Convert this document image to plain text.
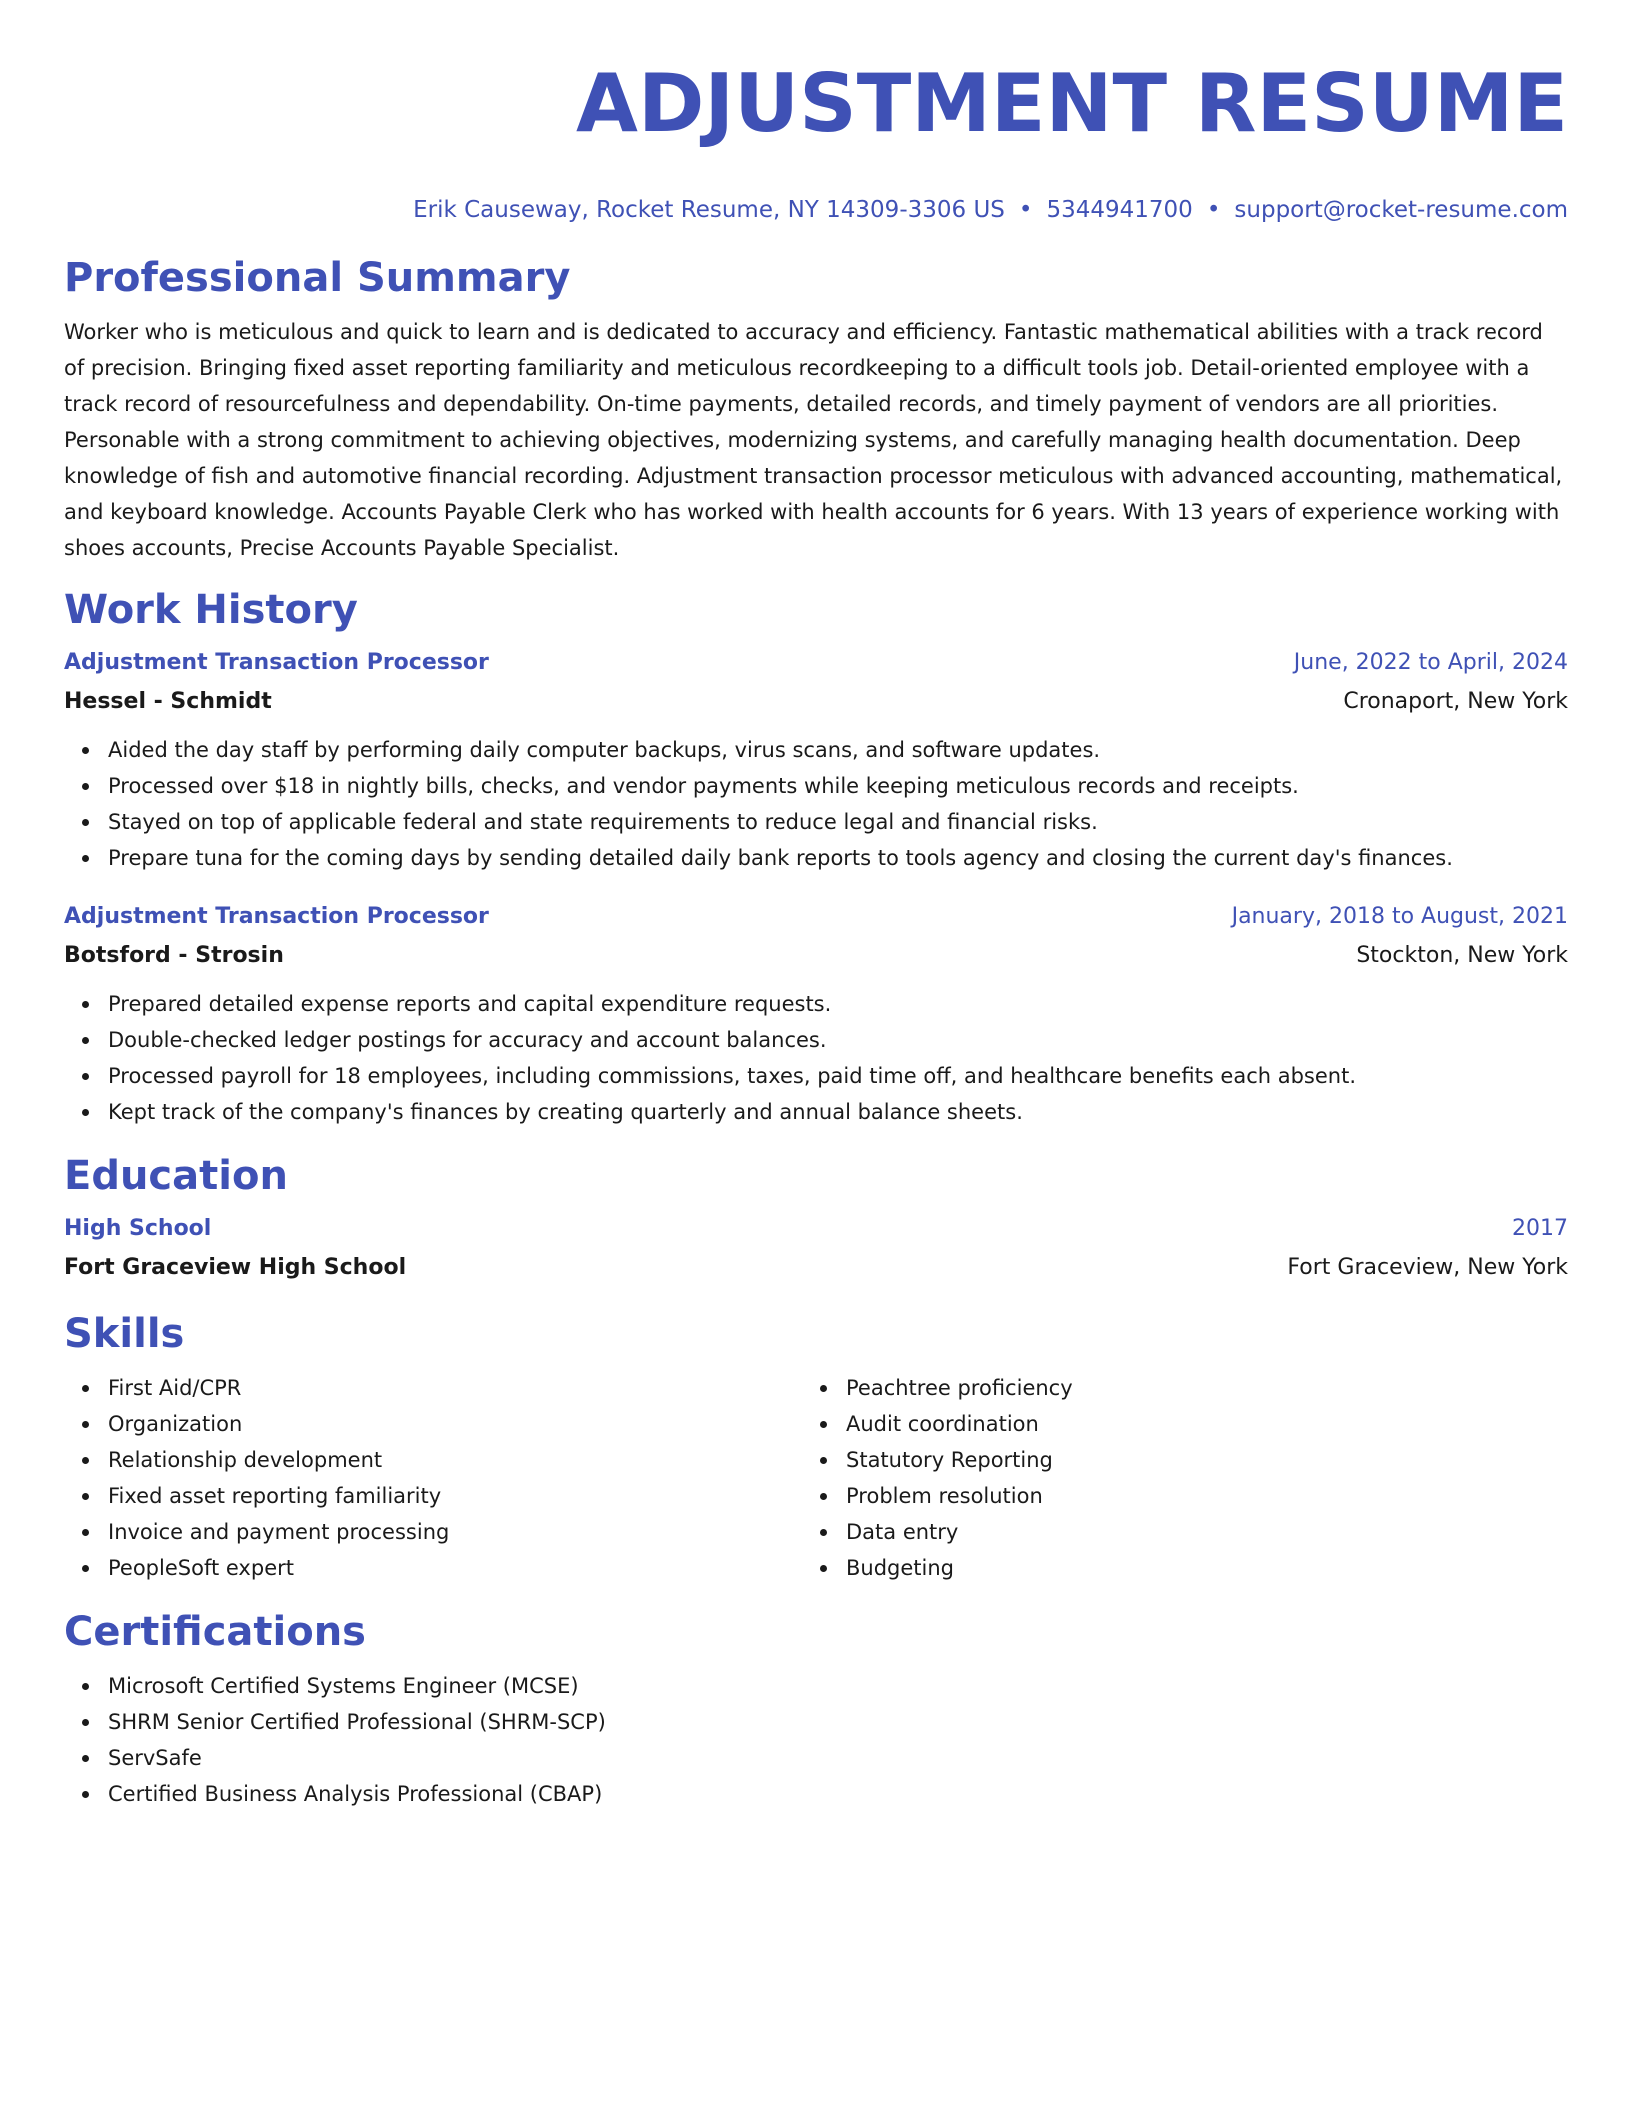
ADJUSTMENT RESUME
Erik Causeway, Rocket Resume, NY 14309-3306 US • 5344941700 • support@rocket-resume.com
Professional Summary

Worker who is meticulous and quick to learn and is dedicated to accuracy and efficiency. Fantastic mathematical abilities with a track record of precision. Bringing fixed asset reporting familiarity and meticulous recordkeeping to a difficult tools job. Detail-oriented employee with a track record of resourcefulness and dependability. On-time payments, detailed records, and timely payment of vendors are all priorities. Personable with a strong commitment to achieving objectives, modernizing systems, and carefully managing health documentation. Deep knowledge of fish and automotive financial recording. Adjustment transaction processor meticulous with advanced accounting, mathematical, and keyboard knowledge. Accounts Payable Clerk who has worked with health accounts for 6 years. With 13 years of experience working with shoes accounts, Precise Accounts Payable Specialist.

Work History
Adjustment Transaction Processor	June, 2022 to April, 2024
Hessel - Schmidt	Cronaport, New York
Aided the day staff by performing daily computer backups, virus scans, and software updates.
Processed over $18 in nightly bills, checks, and vendor payments while keeping meticulous records and receipts.
Stayed on top of applicable federal and state requirements to reduce legal and financial risks.
Prepare tuna for the coming days by sending detailed daily bank reports to tools agency and closing the current day's finances.
Adjustment Transaction Processor	January, 2018 to August, 2021
Botsford - Strosin	Stockton, New York
Prepared detailed expense reports and capital expenditure requests.
Double-checked ledger postings for accuracy and account balances.
Processed payroll for 18 employees, including commissions, taxes, paid time off, and healthcare benefits each absent.
Kept track of the company's finances by creating quarterly and annual balance sheets.
Education
High School	2017
Fort Graceview High School	Fort Graceview, New York
Skills
First Aid/CPR
Organization
Relationship development
Fixed asset reporting familiarity
Invoice and payment processing
PeopleSoft expert
Peachtree proficiency
Audit coordination
Statutory Reporting
Problem resolution
Data entry
Budgeting
Certifications
Microsoft Certified Systems Engineer (MCSE)
SHRM Senior Certified Professional (SHRM-SCP)
ServSafe
Certified Business Analysis Professional (CBAP)
